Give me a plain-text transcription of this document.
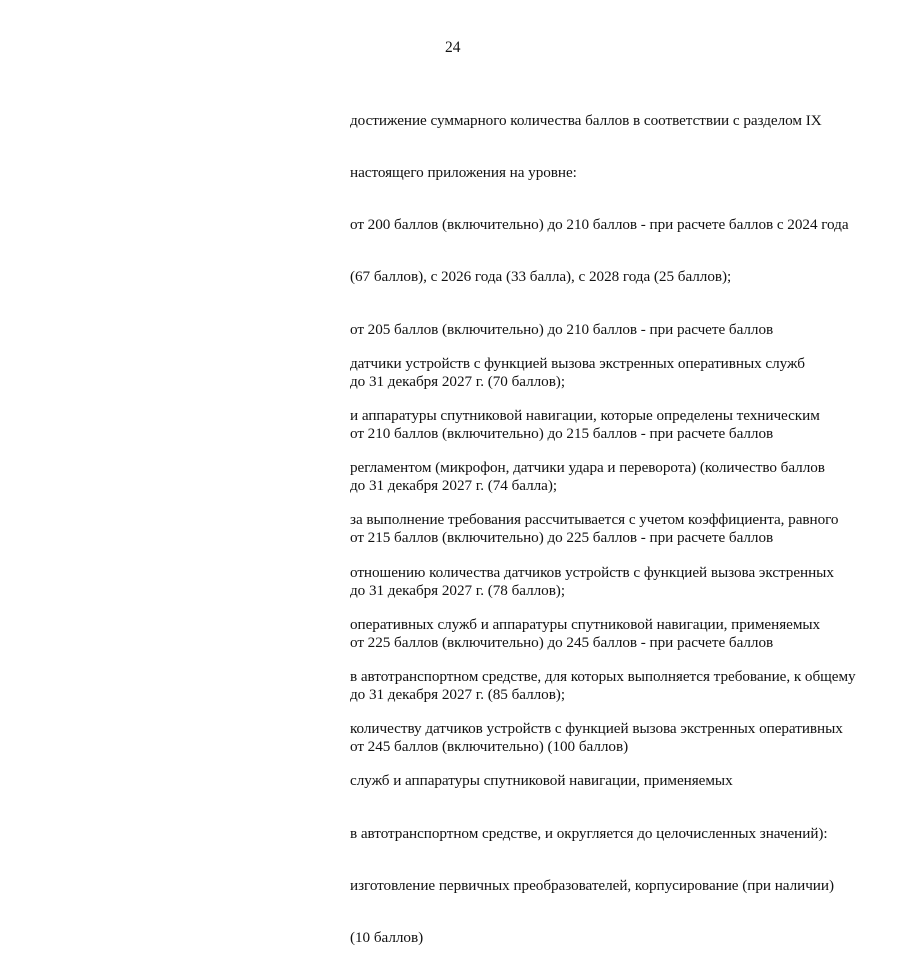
24

достижение суммарного количества баллов в соответствии с разделом IX

настоящего приложения на уровне:

от 200 баллов (включительно) до 210 баллов - при расчете баллов с 2024 года

(67 баллов), с 2026 года (33 балла), с 2028 года (25 баллов);

от 205 баллов (включительно) до 210 баллов - при расчете баллов

до 31 декабря 2027 г. (70 баллов);

от 210 баллов (включительно) до 215 баллов - при расчете баллов

до 31 декабря 2027 г. (74 балла);

от 215 баллов (включительно) до 225 баллов - при расчете баллов

до 31 декабря 2027 г. (78 баллов);

от 225 баллов (включительно) до 245 баллов - при расчете баллов

до 31 декабря 2027 г. (85 баллов);

от 245 баллов (включительно) (100 баллов)

датчики устройств с функцией вызова экстренных оперативных служб

и аппаратуры спутниковой навигации, которые определены техническим

регламентом (микрофон, датчики удара и переворота) (количество баллов

за выполнение требования рассчитывается с учетом коэффициента, равного

отношению количества датчиков устройств с функцией вызова экстренных

оперативных служб и аппаратуры спутниковой навигации, применяемых

в автотранспортном средстве, для которых выполняется требование, к общему

количеству датчиков устройств с функцией вызова экстренных оперативных

служб и аппаратуры спутниковой навигации, применяемых

в автотранспортном средстве, и округляется до целочисленных значений):

изготовление первичных преобразователей, корпусирование (при наличии)

(10 баллов)
